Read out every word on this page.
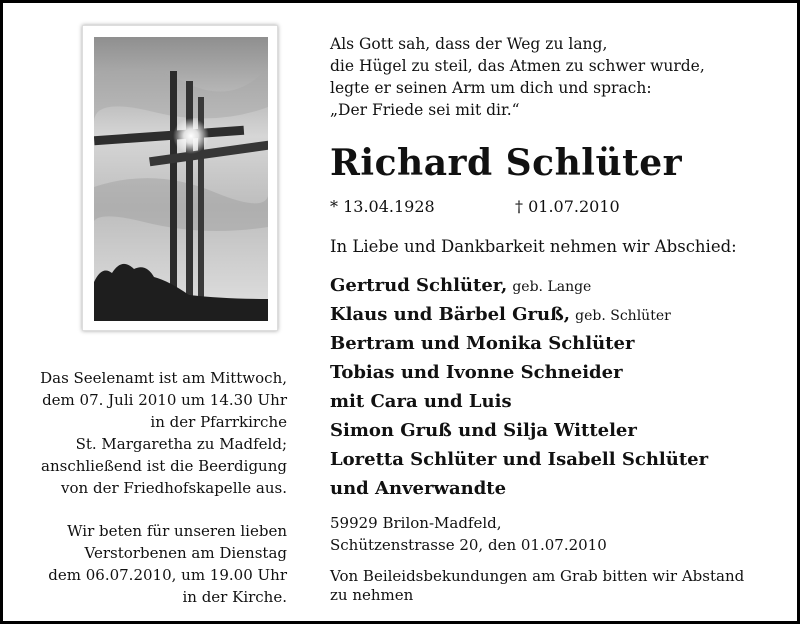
Das Seelenamt ist am Mittwoch,
dem 07. Juli 2010 um 14.30 Uhr
in der Pfarrkirche
St. Margaretha zu Madfeld;
anschließend ist die Beerdigung
von der Friedhofskapelle aus.
Wir beten für unseren lieben
Verstorbenen am Dienstag
dem 06.07.2010, um 19.00 Uhr
in der Kirche.
Als Gott sah, dass der Weg zu lang,
die Hügel zu steil, das Atmen zu schwer wurde,
legte er seinen Arm um dich und sprach:
„Der Friede sei mit dir.“
Richard Schlüter
* 13.04.1928	† 01.07.2010
In Liebe und Dankbarkeit nehmen wir Abschied:
Gertrud Schlüter, geb. Lange
Klaus und Bärbel Gruß, geb. Schlüter
Bertram und Monika Schlüter
Tobias und Ivonne Schneider
mit Cara und Luis
Simon Gruß und Silja Witteler
Loretta Schlüter und Isabell Schlüter
und Anverwandte
59929 Brilon-Madfeld,
Schützenstrasse 20, den 01.07.2010
Von Beileidsbekundungen am Grab bitten wir Abstand
zu nehmen
